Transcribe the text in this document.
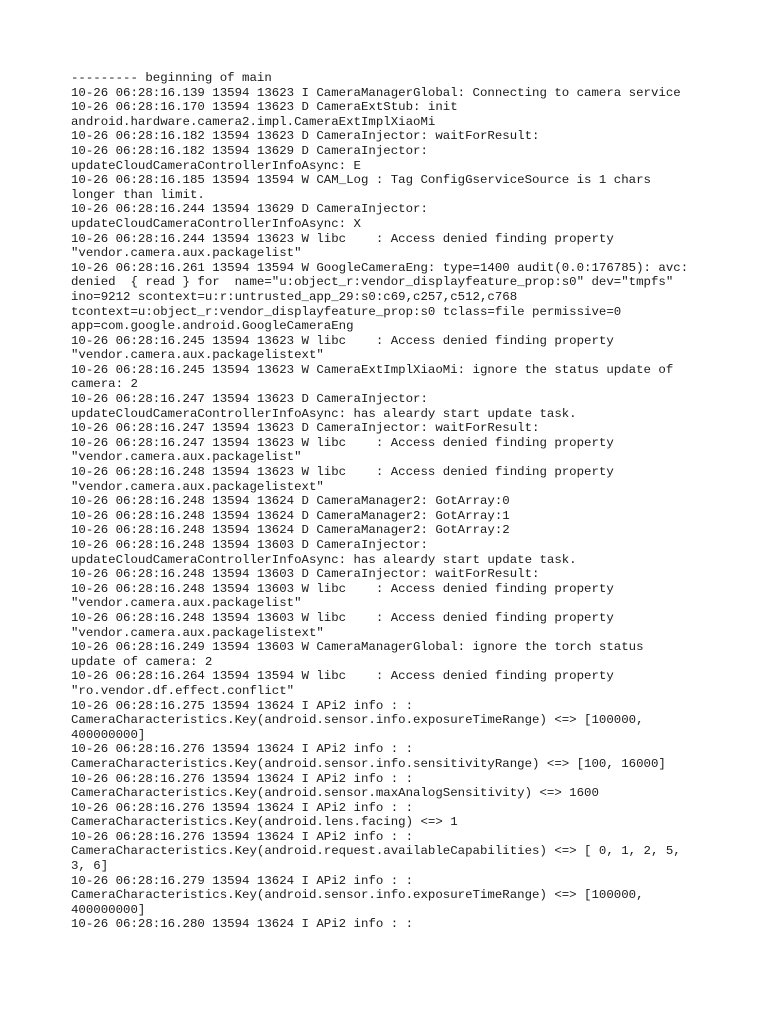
--------- beginning of main
10-26 06:28:16.139 13594 13623 I CameraManagerGlobal: Connecting to camera service
10-26 06:28:16.170 13594 13623 D CameraExtStub: init
android.hardware.camera2.impl.CameraExtImplXiaoMi
10-26 06:28:16.182 13594 13623 D CameraInjector: waitForResult:
10-26 06:28:16.182 13594 13629 D CameraInjector:
updateCloudCameraControllerInfoAsync: E
10-26 06:28:16.185 13594 13594 W CAM_Log : Tag ConfigGserviceSource is 1 chars
longer than limit.
10-26 06:28:16.244 13594 13629 D CameraInjector:
updateCloudCameraControllerInfoAsync: X
10-26 06:28:16.244 13594 13623 W libc    : Access denied finding property
"vendor.camera.aux.packagelist"
10-26 06:28:16.261 13594 13594 W GoogleCameraEng: type=1400 audit(0.0:176785): avc:
denied  { read } for  name="u:object_r:vendor_displayfeature_prop:s0" dev="tmpfs"
ino=9212 scontext=u:r:untrusted_app_29:s0:c69,c257,c512,c768
tcontext=u:object_r:vendor_displayfeature_prop:s0 tclass=file permissive=0
app=com.google.android.GoogleCameraEng
10-26 06:28:16.245 13594 13623 W libc    : Access denied finding property
"vendor.camera.aux.packagelistext"
10-26 06:28:16.245 13594 13623 W CameraExtImplXiaoMi: ignore the status update of
camera: 2
10-26 06:28:16.247 13594 13623 D CameraInjector:
updateCloudCameraControllerInfoAsync: has aleardy start update task.
10-26 06:28:16.247 13594 13623 D CameraInjector: waitForResult:
10-26 06:28:16.247 13594 13623 W libc    : Access denied finding property
"vendor.camera.aux.packagelist"
10-26 06:28:16.248 13594 13623 W libc    : Access denied finding property
"vendor.camera.aux.packagelistext"
10-26 06:28:16.248 13594 13624 D CameraManager2: GotArray:0
10-26 06:28:16.248 13594 13624 D CameraManager2: GotArray:1
10-26 06:28:16.248 13594 13624 D CameraManager2: GotArray:2
10-26 06:28:16.248 13594 13603 D CameraInjector:
updateCloudCameraControllerInfoAsync: has aleardy start update task.
10-26 06:28:16.248 13594 13603 D CameraInjector: waitForResult:
10-26 06:28:16.248 13594 13603 W libc    : Access denied finding property
"vendor.camera.aux.packagelist"
10-26 06:28:16.248 13594 13603 W libc    : Access denied finding property
"vendor.camera.aux.packagelistext"
10-26 06:28:16.249 13594 13603 W CameraManagerGlobal: ignore the torch status
update of camera: 2
10-26 06:28:16.264 13594 13594 W libc    : Access denied finding property
"ro.vendor.df.effect.conflict"
10-26 06:28:16.275 13594 13624 I APi2 info : :
CameraCharacteristics.Key(android.sensor.info.exposureTimeRange) <=> [100000,
400000000]
10-26 06:28:16.276 13594 13624 I APi2 info : :
CameraCharacteristics.Key(android.sensor.info.sensitivityRange) <=> [100, 16000]
10-26 06:28:16.276 13594 13624 I APi2 info : :
CameraCharacteristics.Key(android.sensor.maxAnalogSensitivity) <=> 1600
10-26 06:28:16.276 13594 13624 I APi2 info : :
CameraCharacteristics.Key(android.lens.facing) <=> 1
10-26 06:28:16.276 13594 13624 I APi2 info : :
CameraCharacteristics.Key(android.request.availableCapabilities) <=> [ 0, 1, 2, 5,
3, 6]
10-26 06:28:16.279 13594 13624 I APi2 info : :
CameraCharacteristics.Key(android.sensor.info.exposureTimeRange) <=> [100000,
400000000]
10-26 06:28:16.280 13594 13624 I APi2 info : :
